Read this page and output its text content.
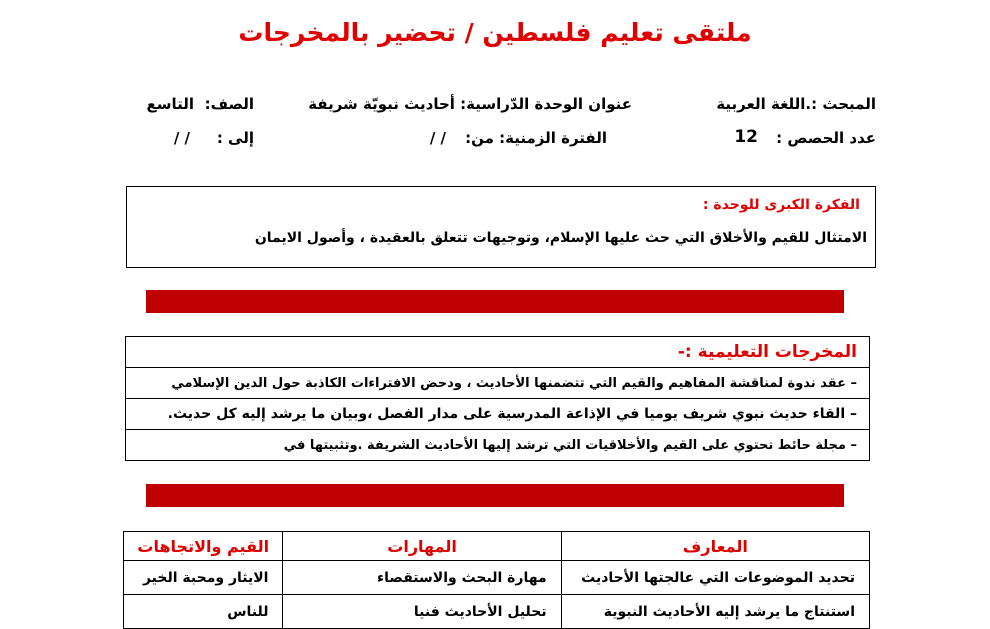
ملتقى تعليم فلسطين / تحضير بالمخرجات
المبحث :.اللغة العربية
عنوان الوحدة الدّراسية: أحاديث نبويّة شريفة
الصف:
التاسع
عدد الحصص :
12
الفترة الزمنية: من:
/ /
إلى :
/ /
الفكرة الكبرى للوحدة :
الامتثال للقيم والأخلاق التي حث عليها الإسلام، وتوجيهات تتعلق بالعقيدة ، وأصول الايمان
المخرجات التعليمية :-
– عقد ندوة لمناقشة المفاهيم والقيم التي تتضمنها الأحاديث ، ودحض الافتراءات الكاذبة حول الدين الإسلامي
– القاء حديث نبوي شريف يوميا في الإذاعة المدرسية على مدار الفصل ،وبيان ما يرشد إليه كل حديث.
– مجلة حائط تحتوي على القيم والأخلاقيات التي ترشد إليها الأحاديث الشريفة .وتثبيتها في
المعارف	المهارات	القيم والاتجاهات
تحديد الموضوعات التي عالجتها الأحاديث	مهارة البحث والاستقصاء	الايثار ومحبة الخير
استنتاج ما يرشد إليه الأحاديث النبوية	تحليل الأحاديث فنيا	للناس
